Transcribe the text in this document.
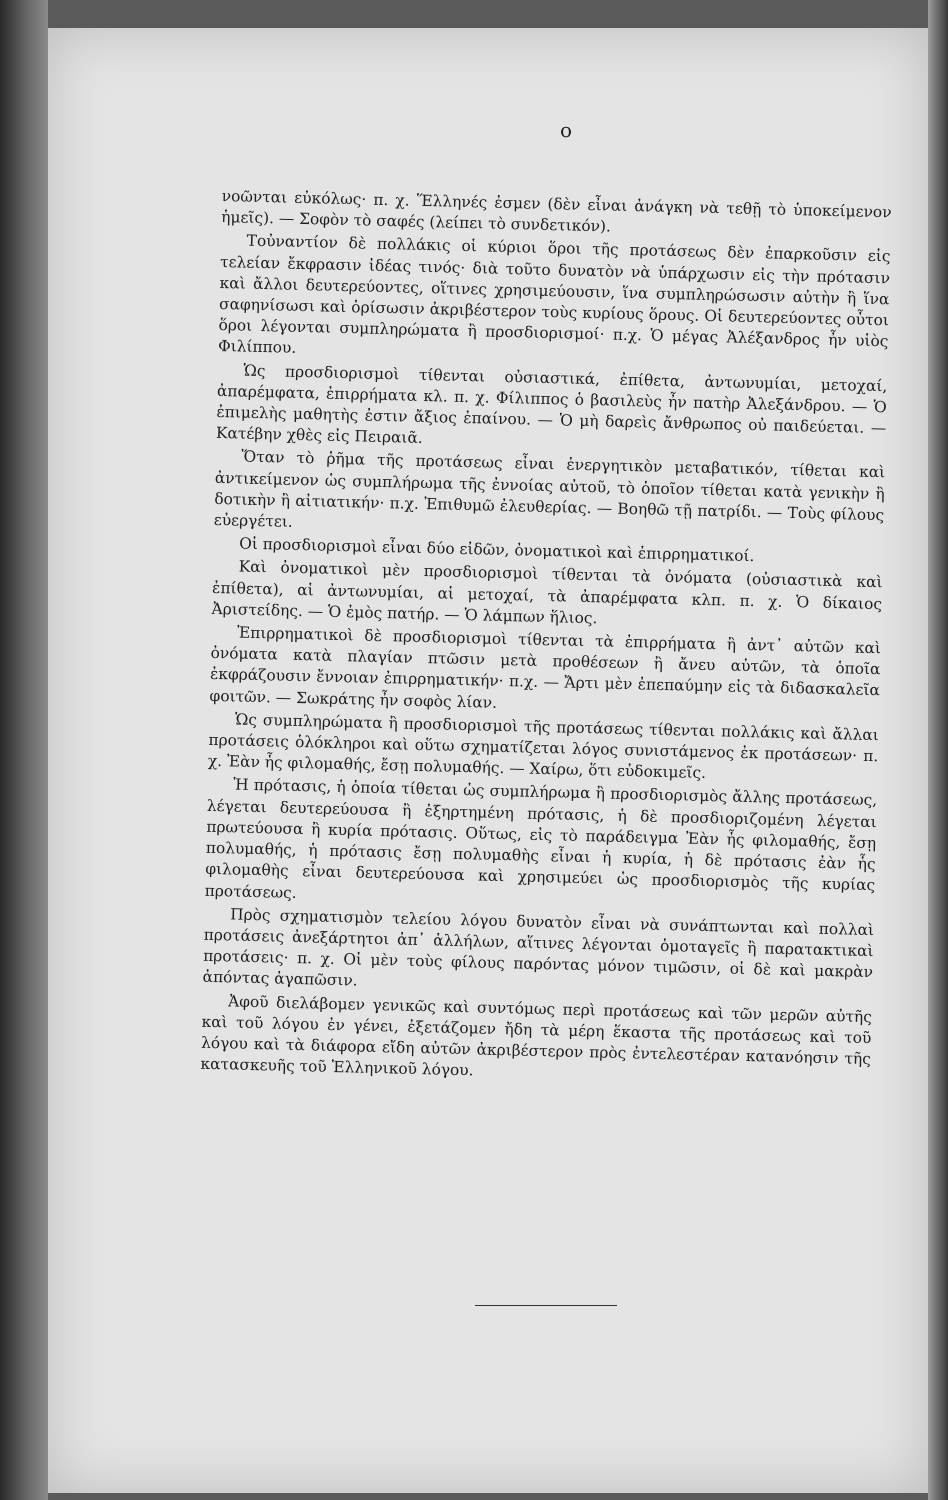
ο

νοῶνται εὐκόλως· π. χ. Ἕλληνές ἐσμεν (δὲν εἶναι ἀνάγκη νὰ τεθῇ τὸ ὑποκείμενον ἡμεῖς). — Σοφὸν τὸ σαφές (λείπει τὸ συνδετικόν).

Τοὐναντίον δὲ πολλάκις οἱ κύριοι ὅροι τῆς προτάσεως δὲν ἐπαρκοῦσιν εἰς τελείαν ἔκφρασιν ἰδέας τινός· διὰ τοῦτο δυνατὸν νὰ ὑπάρχωσιν εἰς τὴν πρότασιν καὶ ἄλλοι δευτερεύοντες, οἵτινες χρησιμεύουσιν, ἵνα συμπληρώσωσιν αὐτὴν ἢ ἵνα σαφηνίσωσι καὶ ὁρίσωσιν ἀκριβέστερον τοὺς κυρίους ὅρους. Οἱ δευτερεύοντες οὗτοι ὅροι λέγονται συμπληρώματα ἢ προσδιορισμοί· π.χ. Ὁ μέγας Ἀλέξανδρος ἦν υἱὸς Φιλίππου.

Ὡς προσδιορισμοὶ τίθενται οὐσιαστικά, ἐπίθετα, ἀντωνυμίαι, μετοχαί, ἀπαρέμφατα, ἐπιρρήματα κλ. π. χ. Φίλιππος ὁ βασιλεὺς ἦν πατὴρ Ἀλεξάνδρου. — Ὁ ἐπιμελὴς μαθητὴς ἐστιν ἄξιος ἐπαίνου. — Ὁ μὴ δαρεὶς ἄνθρωπος οὐ παιδεύεται. — Κατέβην χθὲς εἰς Πειραιᾶ.

Ὅταν τὸ ῥῆμα τῆς προτάσεως εἶναι ἐνεργητικὸν μεταβατικόν, τίθεται καὶ ἀντικείμενον ὡς συμπλήρωμα τῆς ἐννοίας αὐτοῦ, τὸ ὁποῖον τίθεται κατὰ γενικὴν ἢ δοτικὴν ἢ αἰτιατικήν· π.χ. Ἐπιθυμῶ ἐλευθερίας. — Βοηθῶ τῇ πατρίδι. — Τοὺς φίλους εὐεργέτει.

Οἱ προσδιορισμοὶ εἶναι δύο εἰδῶν, ὀνοματικοὶ καὶ ἐπιρρηματικοί.

Καὶ ὀνοματικοὶ μὲν προσδιορισμοὶ τίθενται τὰ ὀνόματα (οὐσιαστικὰ καὶ ἐπίθετα), αἱ ἀντωνυμίαι, αἱ μετοχαί, τὰ ἀπαρέμφατα κλπ. π. χ. Ὁ δίκαιος Ἀριστείδης. — Ὁ ἐμὸς πατήρ. — Ὁ λάμπων ἥλιος.

Ἐπιρρηματικοὶ δὲ προσδιορισμοὶ τίθενται τὰ ἐπιρρήματα ἢ ἀντ᾽ αὐτῶν καὶ ὀνόματα κατὰ πλαγίαν πτῶσιν μετὰ προθέσεων ἢ ἄνευ αὐτῶν, τὰ ὁποῖα ἐκφράζουσιν ἔννοιαν ἐπιρρηματικήν· π.χ. — Ἄρτι μὲν ἐπεπαύμην εἰς τὰ διδασκαλεῖα φοιτῶν. — Σωκράτης ἦν σοφὸς λίαν.

Ὡς συμπληρώματα ἢ προσδιορισμοὶ τῆς προτάσεως τίθενται πολλάκις καὶ ἄλλαι προτάσεις ὁλόκληροι καὶ οὕτω σχηματίζεται λόγος συνιστάμενος ἐκ προτάσεων· π. χ. Ἐὰν ἧς φιλομαθής, ἔσῃ πολυμαθής. — Χαίρω, ὅτι εὐδοκιμεῖς.

Ἡ πρότασις, ἡ ὁποία τίθεται ὡς συμπλήρωμα ἢ προσδιορισμὸς ἄλλης προτάσεως, λέγεται δευτερεύουσα ἢ ἐξηρτημένη πρότασις, ἡ δὲ προσδιοριζομένη λέγεται πρωτεύουσα ἢ κυρία πρότασις. Οὕτως, εἰς τὸ παράδειγμα Ἐὰν ἧς φιλομαθής, ἔσῃ πολυμαθής, ἡ πρότασις ἔσῃ πολυμαθὴς εἶναι ἡ κυρία, ἡ δὲ πρότασις ἐὰν ἧς φιλομαθὴς εἶναι δευτερεύουσα καὶ χρησιμεύει ὡς προσδιορισμὸς τῆς κυρίας προτάσεως.

Πρὸς σχηματισμὸν τελείου λόγου δυνατὸν εἶναι νὰ συνάπτωνται καὶ πολλαὶ προτάσεις ἀνεξάρτητοι ἀπ᾽ ἀλλήλων, αἵτινες λέγονται ὁμοταγεῖς ἢ παρατακτικαὶ προτάσεις· π. χ. Οἱ μὲν τοὺς φίλους παρόντας μόνον τιμῶσιν, οἱ δὲ καὶ μακρὰν ἀπόντας ἀγαπῶσιν.

Ἀφοῦ διελάβομεν γενικῶς καὶ συντόμως περὶ προτάσεως καὶ τῶν μερῶν αὐτῆς καὶ τοῦ λόγου ἐν γένει, ἐξετάζομεν ἤδη τὰ μέρη ἕκαστα τῆς προτάσεως καὶ τοῦ λόγου καὶ τὰ διάφορα εἴδη αὐτῶν ἀκριβέστερον πρὸς ἐντελεστέραν κατανόησιν τῆς κατασκευῆς τοῦ Ἑλληνικοῦ λόγου.
